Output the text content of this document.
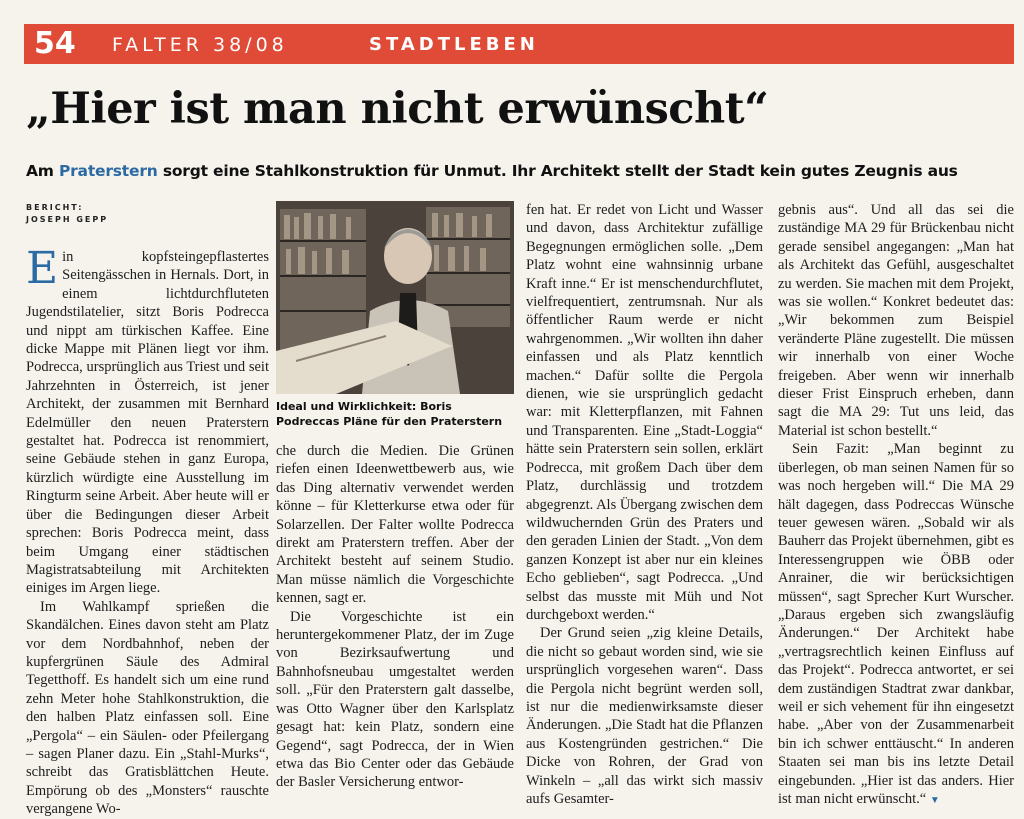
54 FALTER 38/08	STADTLEBEN
„Hier ist man nicht erwünscht“
Am Praterstern sorgt eine Stahlkonstruktion für Unmut. Ihr Architekt stellt der Stadt kein gutes Zeugnis aus
BERICHT:
JOSEPH GEPP

Ein kopfsteingepflastertes Seitengässchen in Hernals. Dort, in einem lichtdurchfluteten Jugendstilatelier, sitzt Boris Podrecca und nippt am türkischen Kaffee. Eine dicke Mappe mit Plänen liegt vor ihm. Podrecca, ursprünglich aus Triest und seit Jahrzehnten in Österreich, ist jener Architekt, der zusammen mit Bernhard Edelmüller den neuen Praterstern gestaltet hat. Podrecca ist renommiert, seine Gebäude stehen in ganz Europa, kürzlich würdigte eine Ausstellung im Ringturm seine Arbeit. Aber heute will er über die Bedingungen dieser Arbeit sprechen: Boris Podrecca meint, dass beim Umgang einer städtischen Magistratsabteilung mit Architekten einiges im Argen liege.

Im Wahlkampf sprießen die Skandälchen. Eines davon steht am Platz vor dem Nordbahnhof, neben der kupfergrünen Säule des Admiral Tegetthoff. Es handelt sich um eine rund zehn Meter hohe Stahlkonstruktion, die den halben Platz einfassen soll. Eine „Pergola“ – ein Säulen- oder Pfeilergang – sagen Planer dazu. Ein „Stahl-Murks“, schreibt das Gratisblättchen Heute. Empörung ob des „Monsters“ rauschte vergangene Wo-

Ideal und Wirklichkeit: Boris Podreccas Pläne für den Praterstern

che durch die Medien. Die Grünen riefen einen Ideenwettbewerb aus, wie das Ding alternativ verwendet werden könne – für Kletterkurse etwa oder für Solarzellen. Der Falter wollte Podrecca direkt am Praterstern treffen. Aber der Architekt besteht auf seinem Studio. Man müsse nämlich die Vorgeschichte kennen, sagt er.

Die Vorgeschichte ist ein heruntergekommener Platz, der im Zuge von Bezirksaufwertung und Bahnhofsneubau umgestaltet werden soll. „Für den Praterstern galt dasselbe, was Otto Wagner über den Karlsplatz gesagt hat: kein Platz, sondern eine Gegend“, sagt Podrecca, der in Wien etwa das Bio Center oder das Gebäude der Basler Versicherung entwor-

fen hat. Er redet von Licht und Wasser und davon, dass Architektur zufällige Begegnungen ermöglichen solle. „Dem Platz wohnt eine wahnsinnig urbane Kraft inne.“ Er ist menschendurchflutet, vielfrequentiert, zentrumsnah. Nur als öffentlicher Raum werde er nicht wahrgenommen. „Wir wollten ihn daher einfassen und als Platz kenntlich machen.“ Dafür sollte die Pergola dienen, wie sie ursprünglich gedacht war: mit Kletterpflanzen, mit Fahnen und Transparenten. Eine „Stadt-Loggia“ hätte sein Praterstern sein sollen, erklärt Podrecca, mit großem Dach über dem Platz, durchlässig und trotzdem abgegrenzt. Als Übergang zwischen dem wildwuchernden Grün des Praters und den geraden Linien der Stadt. „Von dem ganzen Konzept ist aber nur ein kleines Echo geblieben“, sagt Podrecca. „Und selbst das musste mit Müh und Not durchgeboxt werden.“

Der Grund seien „zig kleine Details, die nicht so gebaut worden sind, wie sie ursprünglich vorgesehen waren“. Dass die Pergola nicht begrünt werden soll, ist nur die medienwirksamste dieser Änderungen. „Die Stadt hat die Pflanzen aus Kostengründen gestrichen.“ Die Dicke von Rohren, der Grad von Winkeln – „all das wirkt sich massiv aufs Gesamter-

gebnis aus“. Und all das sei die zuständige MA 29 für Brückenbau nicht gerade sensibel angegangen: „Man hat als Architekt das Gefühl, ausgeschaltet zu werden. Sie machen mit dem Projekt, was sie wollen.“ Konkret bedeutet das: „Wir bekommen zum Beispiel veränderte Pläne zugestellt. Die müssen wir innerhalb von einer Woche freigeben. Aber wenn wir innerhalb dieser Frist Einspruch erheben, dann sagt die MA 29: Tut uns leid, das Material ist schon bestellt.“

Sein Fazit: „Man beginnt zu überlegen, ob man seinen Namen für so was noch hergeben will.“ Die MA 29 hält dagegen, dass Podreccas Wünsche teuer gewesen wären. „Sobald wir als Bauherr das Projekt übernehmen, gibt es Interessengruppen wie ÖBB oder Anrainer, die wir berücksichtigen müssen“, sagt Sprecher Kurt Wurscher. „Daraus ergeben sich zwangsläufig Änderungen.“ Der Architekt habe „vertragsrechtlich keinen Einfluss auf das Projekt“. Podrecca antwortet, er sei dem zuständigen Stadtrat zwar dankbar, weil er sich vehement für ihn eingesetzt habe. „Aber von der Zusammenarbeit bin ich schwer enttäuscht.“ In anderen Staaten sei man bis ins letzte Detail eingebunden. „Hier ist das anders. Hier ist man nicht erwünscht.“ ▼
